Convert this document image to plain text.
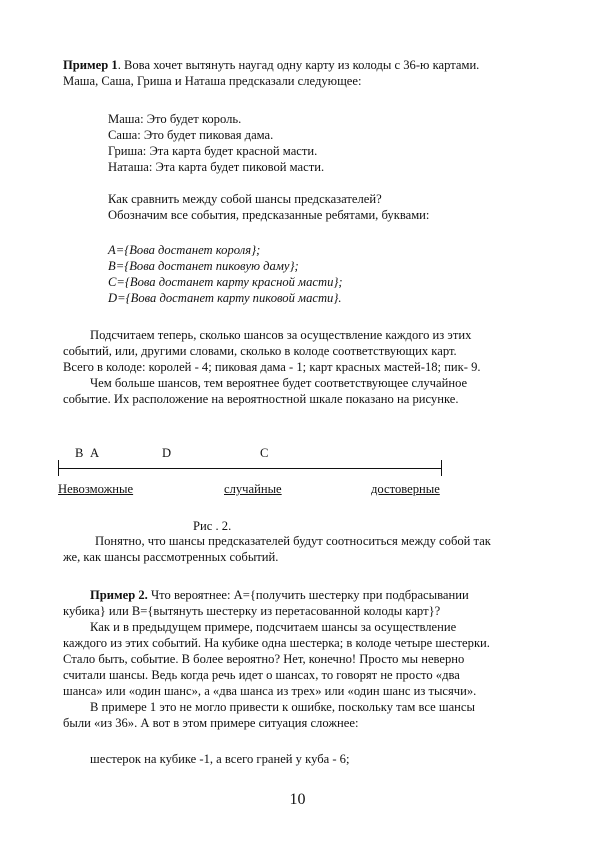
Пример 1. Вова хочет вытянуть наугад одну карту из колоды с 36-ю картами.
Маша, Саша, Гриша и Наташа предсказали следующее:
Маша: Это будет король.
Саша: Это будет пиковая дама.
Гриша: Эта карта будет красной масти.
Наташа: Эта карта будет пиковой масти.
Как сравнить между собой шансы предсказателей?
Обозначим все события, предсказанные ребятами, буквами:
A={Вова достанет короля};
B={Вова достанет пиковую даму};
C={Вова достанет карту красной масти};
D={Вова достанет карту пиковой масти}.
Подсчитаем теперь, сколько шансов за осуществление каждого из этих
событий, или, другими словами, сколько в колоде соответствующих карт.
Всего в колоде: королей - 4; пиковая дама - 1; карт красных мастей-18; пик- 9.
Чем больше шансов, тем вероятнее будет соответствующее случайное
событие. Их расположение на вероятностной шкале показано на рисунке.
B A	D	C
Невозможные	случайные	достоверные
Рис . 2.
Понятно, что шансы предсказателей будут соотноситься между собой так
же, как шансы рассмотренных событий.
Пример 2. Что вероятнее: А={получить шестерку при подбрасывании
кубика} или В={вытянуть шестерку из перетасованной колоды карт}?
Как и в предыдущем примере, подсчитаем шансы за осуществление
каждого из этих событий. На кубике одна шестерка; в колоде четыре шестерки.
Стало быть, событие. В более вероятно? Нет, конечно! Просто мы неверно
считали шансы. Ведь когда речь идет о шансах, то говорят не просто «два
шанса» или «один шанс», а «два шанса из трех» или «один шанс из тысячи».
В примере 1 это не могло привести к ошибке, поскольку там все шансы
были «из 36». А вот в этом примере ситуация сложнее:
шестерок на кубике -1, а всего граней у куба - 6;
10
